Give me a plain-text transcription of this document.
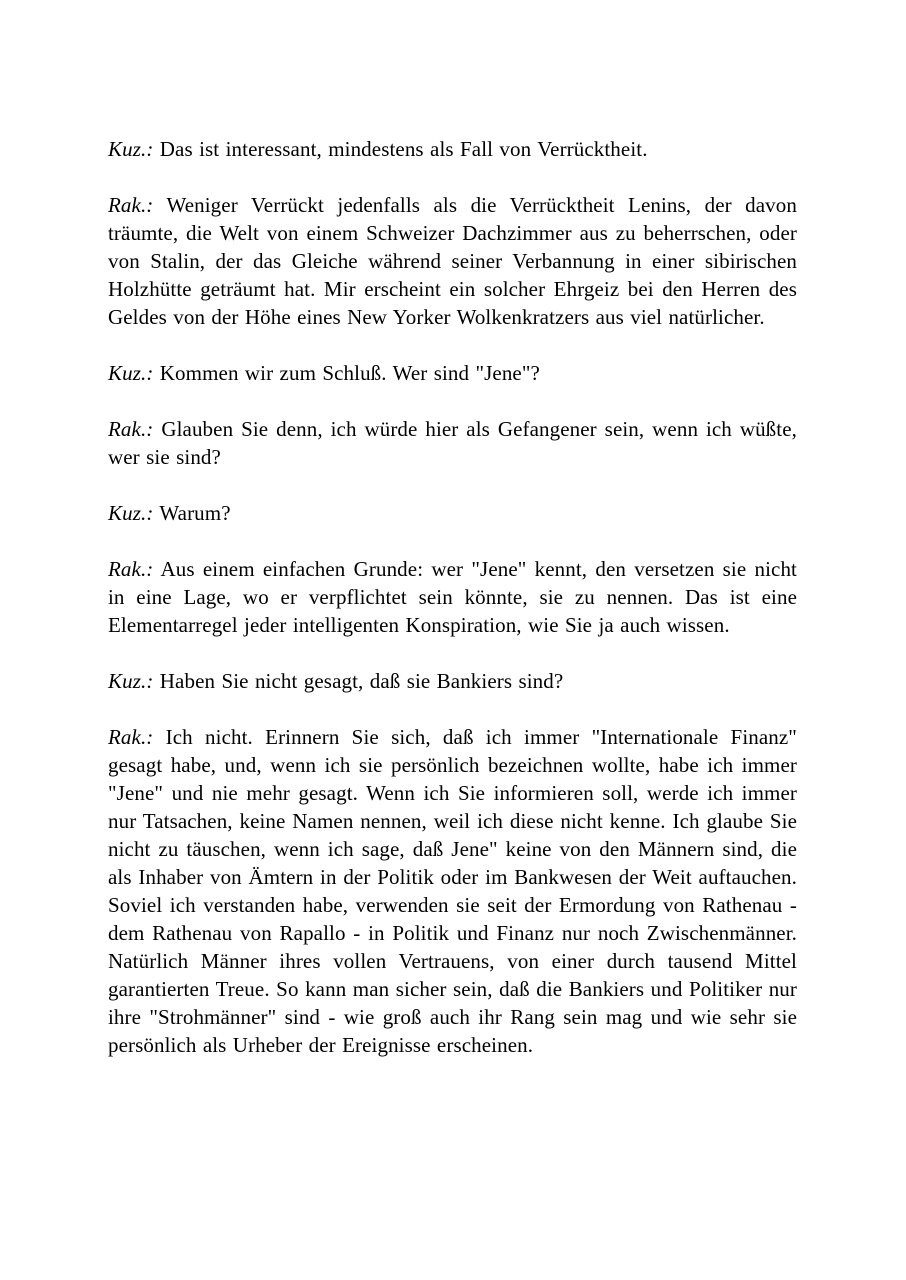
Kuz.: Das ist interessant, mindestens als Fall von Verrücktheit.

Rak.: Weniger Verrückt jedenfalls als die Verrücktheit Lenins, der davon träumte, die Welt von einem Schweizer Dachzimmer aus zu beherrschen, oder von Stalin, der das Gleiche während seiner Verbannung in einer sibirischen Holzhütte geträumt hat. Mir erscheint ein solcher Ehrgeiz bei den Herren des Geldes von der Höhe eines New Yorker Wolkenkratzers aus viel natürlicher.

Kuz.: Kommen wir zum Schluß. Wer sind "Jene"?

Rak.: Glauben Sie denn, ich würde hier als Gefangener sein, wenn ich wüßte, wer sie sind?

Kuz.: Warum?

Rak.: Aus einem einfachen Grunde: wer "Jene" kennt, den versetzen sie nicht in eine Lage, wo er verpflichtet sein könnte, sie zu nennen. Das ist eine Elementarregel jeder intelligenten Konspiration, wie Sie ja auch wissen.

Kuz.: Haben Sie nicht gesagt, daß sie Bankiers sind?

Rak.: Ich nicht. Erinnern Sie sich, daß ich immer "Internationale Finanz" gesagt habe, und, wenn ich sie persönlich bezeichnen wollte, habe ich immer "Jene" und nie mehr gesagt. Wenn ich Sie informieren soll, werde ich immer nur Tatsachen, keine Namen nennen, weil ich diese nicht kenne. Ich glaube Sie nicht zu täuschen, wenn ich sage, daß Jene" keine von den Männern sind, die als Inhaber von Ämtern in der Politik oder im Bankwesen der Weit auftauchen. Soviel ich verstanden habe, verwenden sie seit der Ermordung von Rathenau - dem Rathenau von Rapallo - in Politik und Finanz nur noch Zwischenmänner. Natürlich Männer ihres vollen Vertrauens, von einer durch tausend Mittel garantierten Treue. So kann man sicher sein, daß die Bankiers und Politiker nur ihre "Strohmänner" sind - wie groß auch ihr Rang sein mag und wie sehr sie persönlich als Urheber der Ereignisse erscheinen.
